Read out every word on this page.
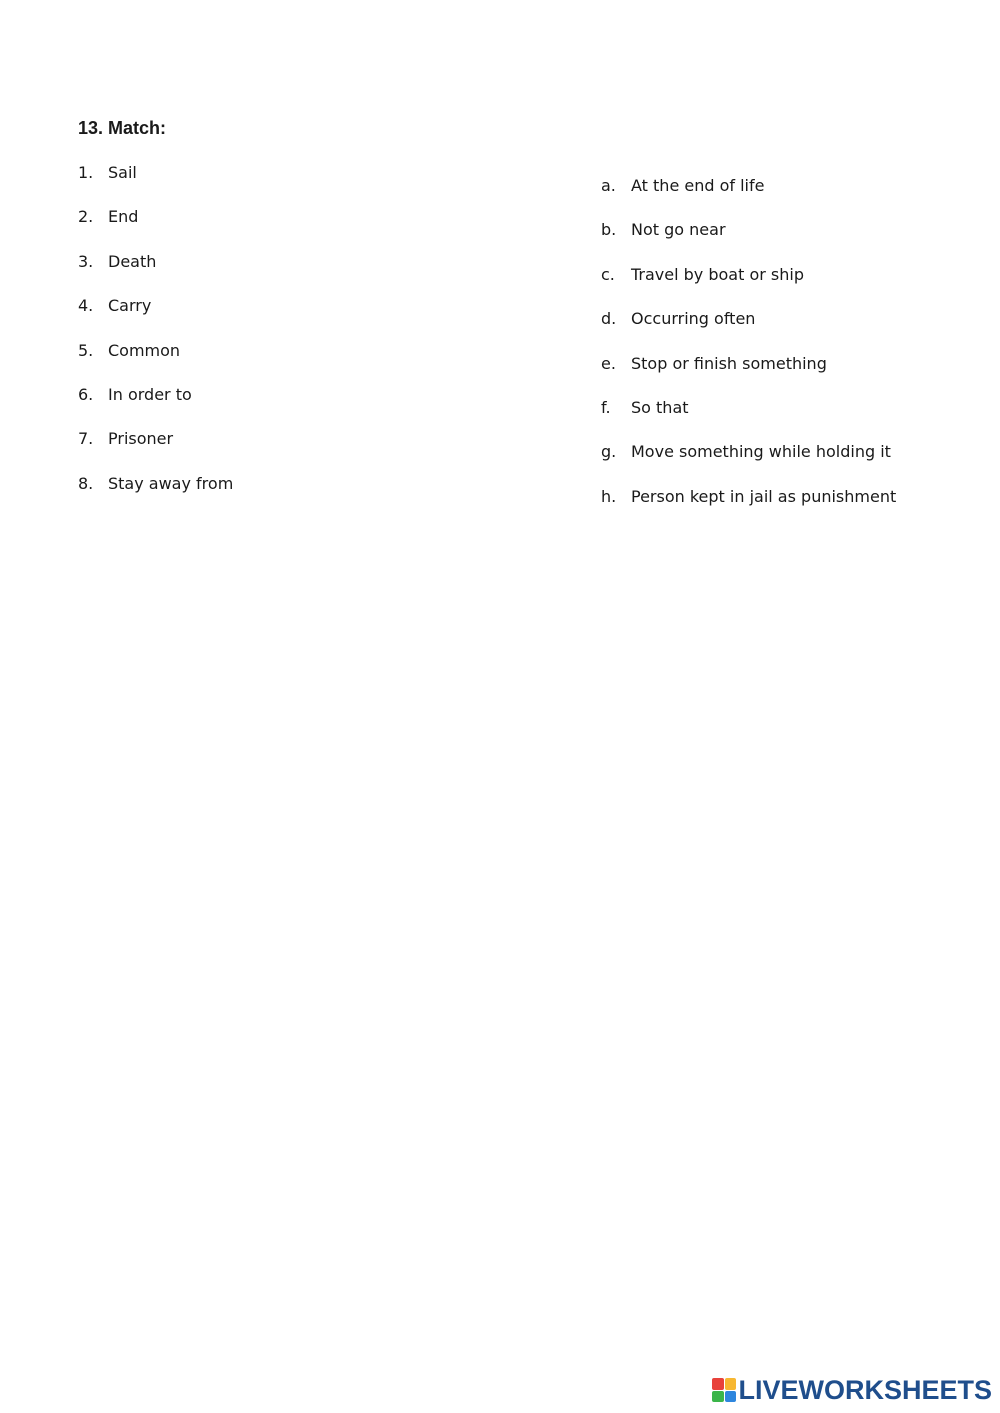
13. Match:
1. Sail
2. End
3. Death
4. Carry
5. Common
6. In order to
7. Prisoner
8. Stay away from
a. At the end of life
b. Not go near
c. Travel by boat or ship
d. Occurring often
e. Stop or finish something
f. So that
g. Move something while holding it
h. Person kept in jail as punishment
LIVEWORKSHEETS
